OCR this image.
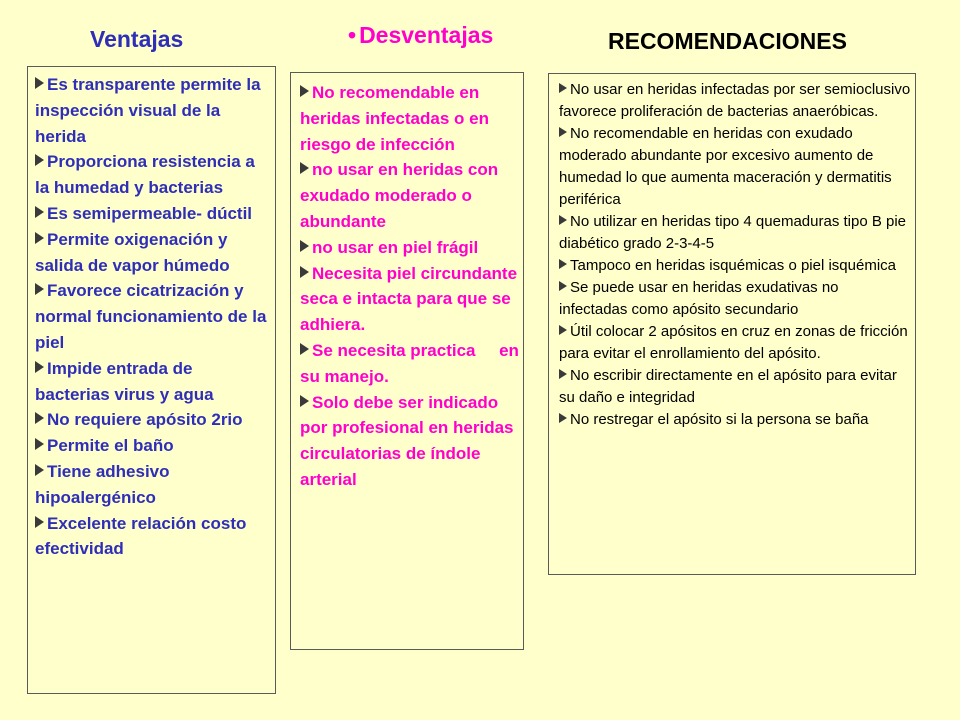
Ventajas	• Desventajas	RECOMENDACIONES
Es transparente permite la inspección visual de la herida
Proporciona resistencia a la humedad y bacterias
Es semipermeable- dúctil
Permite oxigenación y salida de vapor húmedo
Favorece cicatrización y normal funcionamiento de la piel
Impide entrada de bacterias virus y agua
No requiere apósito 2rio
Permite el baño
Tiene adhesivo hipoalergénico
Excelente relación costo efectividad
No recomendable en heridas infectadas o en riesgo de infección
no usar en heridas con exudado moderado o abundante
no usar en piel frágil
Necesita piel circundante seca e intacta para que se adhiera.
Se necesita practica     en su manejo.
Solo debe ser indicado por profesional en heridas circulatorias de índole arterial
No usar en heridas infectadas por ser semioclusivo favorece proliferación de bacterias anaeróbicas.
No recomendable en heridas con exudado moderado abundante por excesivo aumento de humedad lo que aumenta maceración y dermatitis periférica
No utilizar en heridas tipo 4 quemaduras tipo B pie diabético grado 2-3-4-5
Tampoco en heridas isquémicas o piel isquémica
Se puede usar en heridas exudativas no infectadas como apósito secundario
Útil colocar 2 apósitos en cruz en zonas de fricción para evitar el enrollamiento del apósito.
No escribir directamente en el apósito para evitar su daño e integridad
No restregar el apósito si la persona se baña
